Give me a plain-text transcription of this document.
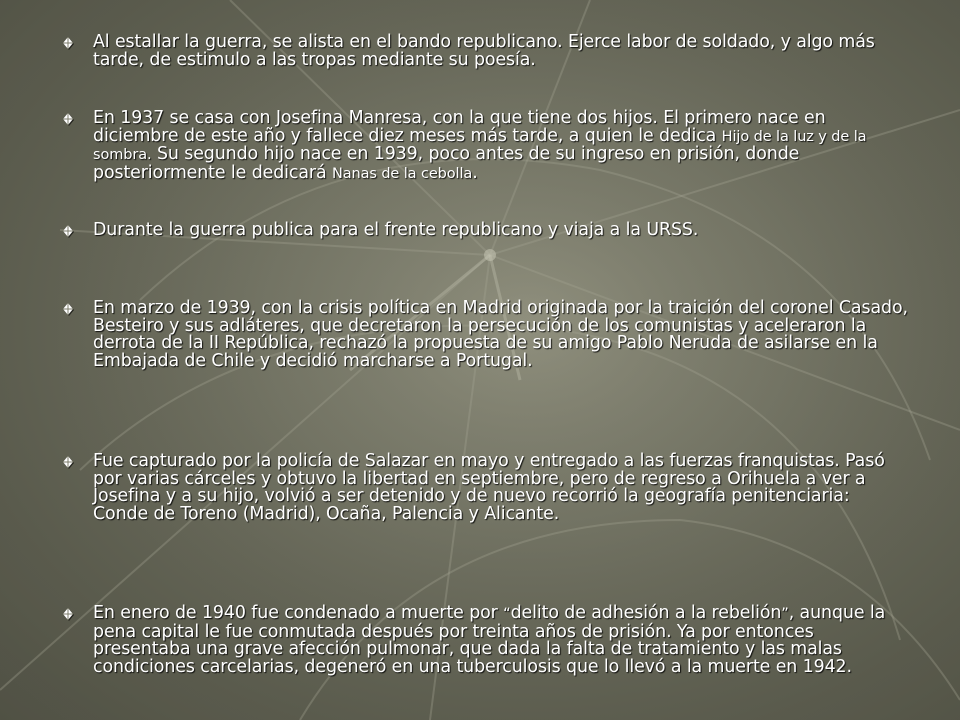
Al estallar la guerra, se alista en el bando republicano. Ejerce labor de soldado, y algo más tarde, de estimulo a las tropas mediante su poesía.
En 1937 se casa con Josefina Manresa, con la que tiene dos hijos. El primero nace en diciembre de este año y fallece diez meses más tarde, a quien le dedica Hijo de la luz y de la sombra. Su segundo hijo nace en 1939, poco antes de su ingreso en prisión, donde posteriormente le dedicará Nanas de la cebolla.
Durante la guerra publica para el frente republicano y viaja a la URSS.
En marzo de 1939, con la crisis política en Madrid originada por la traición del coronel Casado, Besteiro y sus adláteres, que decretaron la persecución de los comunistas y aceleraron la derrota de la II República, rechazó la propuesta de su amigo Pablo Neruda de asilarse en la Embajada de Chile y decidió marcharse a Portugal.
Fue capturado por la policía de Salazar en mayo y entregado a las fuerzas franquistas. Pasó por varias cárceles y obtuvo la libertad en septiembre, pero de regreso a Orihuela a ver a Josefina y a su hijo, volvió a ser detenido y de nuevo recorrió la geografía penitenciaria: Conde de Toreno (Madrid), Ocaña, Palencia y Alicante.
En enero de 1940 fue condenado a muerte por “delito de adhesión a la rebelión”, aunque la pena capital le fue conmutada después por treinta años de prisión. Ya por entonces presentaba una grave afección pulmonar, que dada la falta de tratamiento y las malas condiciones carcelarias, degeneró en una tuberculosis que lo llevó a la muerte en 1942.
